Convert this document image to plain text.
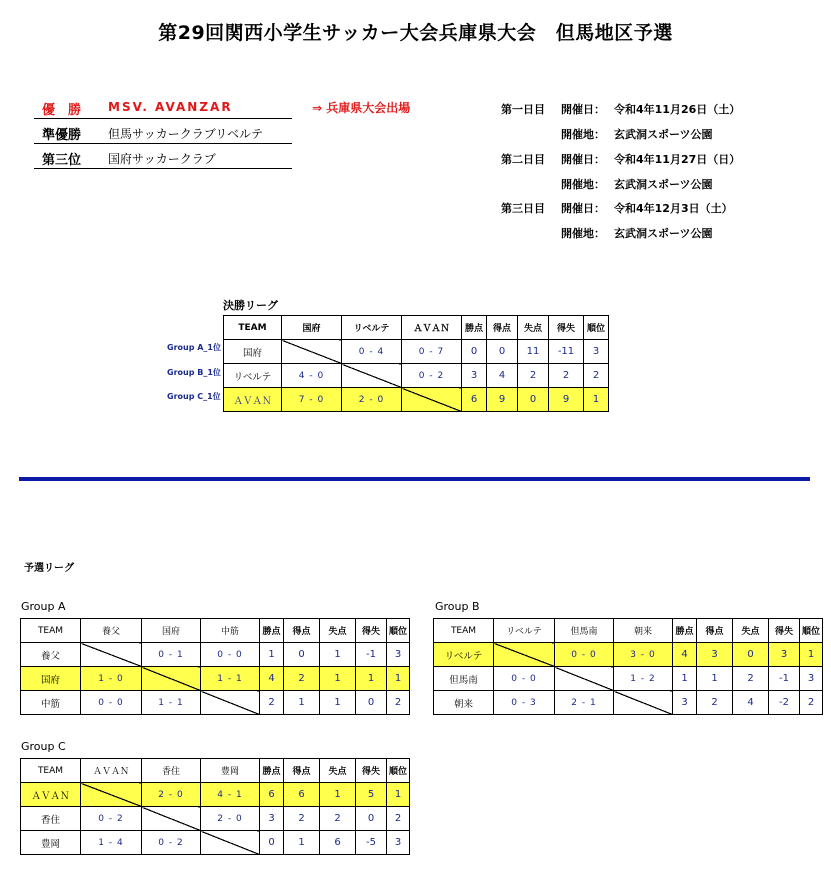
第29回関西小学生サッカー大会兵庫県大会　但馬地区予選
優　勝 MSV. AVANZAR
準優勝 但馬サッカークラブリベルテ
第三位 国府サッカークラブ
⇒ 兵庫県大会出場	第一日目	開催日： 令和4年11月26日（土）
開催地： 玄武洞スポーツ公園
第二日目	開催日： 令和4年11月27日（日）
開催地： 玄武洞スポーツ公園
第三日目	開催日： 令和4年12月3日（土）
開催地： 玄武洞スポーツ公園
決勝リーグ
Group A_1位
Group B_1位
Group C_1位
TEAM	国府	リベルテ	ＡＶＡＮ	勝点	得点	失点	得失	順位
国府		0 - 4	0 - 7	0	0	11	-11	3
リベルテ	4 - 0		0 - 2	3	4	2	2	2
ＡＶＡＮ	7 - 0	2 - 0		6	9	0	9	1
予選リーグ
Group A
TEAM	養父	国府	中筋	勝点	得点	失点	得失	順位
養父		0 - 1	0 - 0	1	0	1	-1	3
国府	1 - 0		1 - 1	4	2	1	1	1
中筋	0 - 0	1 - 1		2	1	1	0	2
Group B
TEAM	リベルテ	但馬南	朝来	勝点	得点	失点	得失	順位
リベルテ		0 - 0	3 - 0	4	3	0	3	1
但馬南	0 - 0		1 - 2	1	1	2	-1	3
朝来	0 - 3	2 - 1		3	2	4	-2	2
Group C
TEAM	ＡＶＡＮ	香住	豊岡	勝点	得点	失点	得失	順位
ＡＶＡＮ		2 - 0	4 - 1	6	6	1	5	1
香住	0 - 2		2 - 0	3	2	2	0	2
豊岡	1 - 4	0 - 2		0	1	6	-5	3
